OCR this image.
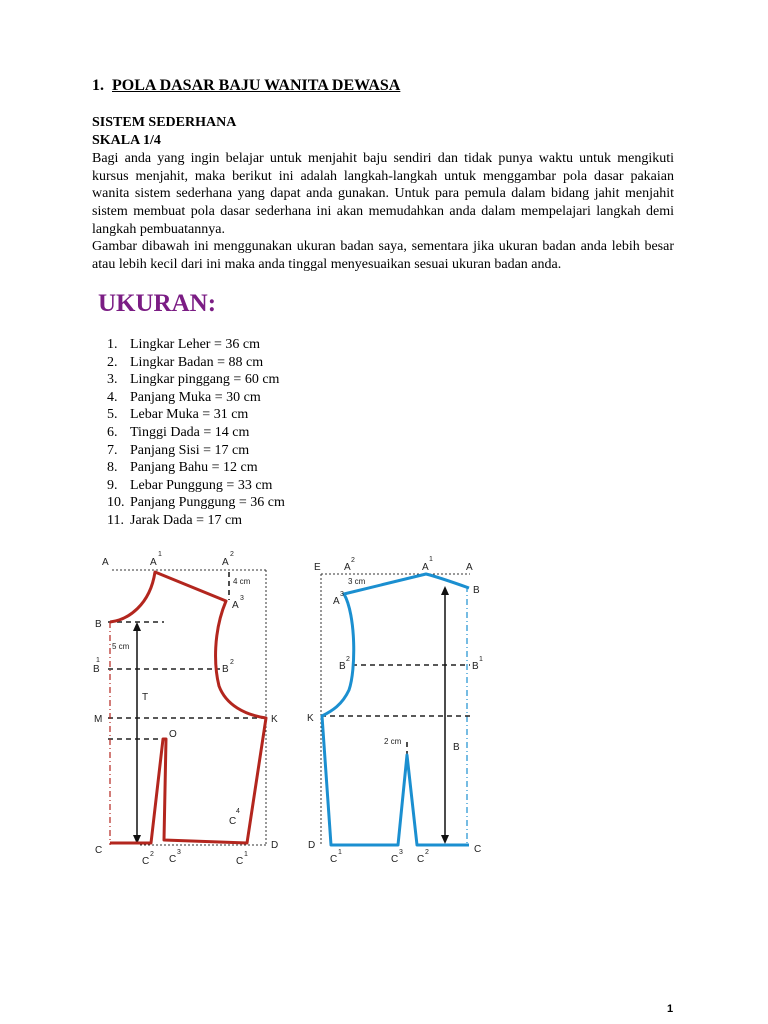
1. POLA DASAR BAJU WANITA DEWASA

SISTEM SEDERHANA

SKALA 1/4

Bagi anda yang ingin belajar untuk menjahit baju sendiri dan tidak punya waktu untuk mengikuti kursus menjahit, maka berikut ini adalah langkah-langkah untuk menggambar pola dasar pakaian wanita sistem sederhana yang dapat anda gunakan. Untuk para pemula dalam bidang jahit menjahit sistem membuat pola dasar sederhana ini akan memudahkan anda dalam mempelajari langkah demi langkah pembuatannya.

Gambar dibawah ini menggunakan ukuran badan saya, sementara jika ukuran badan anda lebih besar atau lebih kecil dari ini maka anda tinggal menyesuaikan sesuai ukuran badan anda.

UKURAN:
1. Lingkar Leher = 36 cm
2. Lingkar Badan = 88 cm
3. Lingkar pinggang = 60 cm
4. Panjang Muka = 30 cm
5. Lebar Muka = 31 cm
6. Tinggi Dada = 14 cm
7. Panjang Sisi = 17 cm
8. Panjang Bahu = 12 cm
9. Lebar Punggung = 33 cm
10. Panjang Punggung = 36 cm
11. Jarak Dada = 17 cm
A	A
1
A
2
4 cm
A
3
B
5 cm
B
1
B
2
T
M	K
O
C
4
C	D
C
2 C
3
C
1
E A
2
A
1
A
3 cm
A
3	B
B
2
B
1
K
2 cm
B
D
C
1
C
3
C
2	C
1
